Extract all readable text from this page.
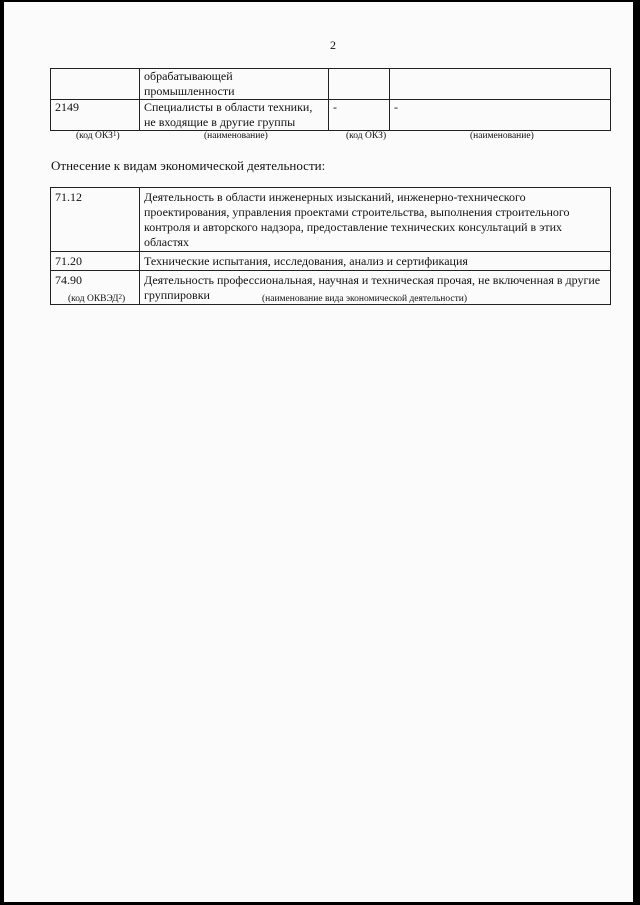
2
	обрабатывающей промышленности		
2149	Специалисты в области техники, не входящие в другие группы	-	-
(код ОКЗ$^1$)	(наименование)	(код ОКЗ)	(наименование)
Отнесение к видам экономической деятельности:
71.12	Деятельность в области инженерных изысканий, инженерно-технического проектирования, управления проектами строительства, выполнения строительного контроля и авторского надзора, предоставление технических консультаций в этих областях
71.20	Технические испытания, исследования, анализ и сертификация
74.90	Деятельность профессиональная, научная и техническая прочая, не включенная в другие группировки
(код ОКВЭД$^2$)	(наименование вида экономической деятельности)
